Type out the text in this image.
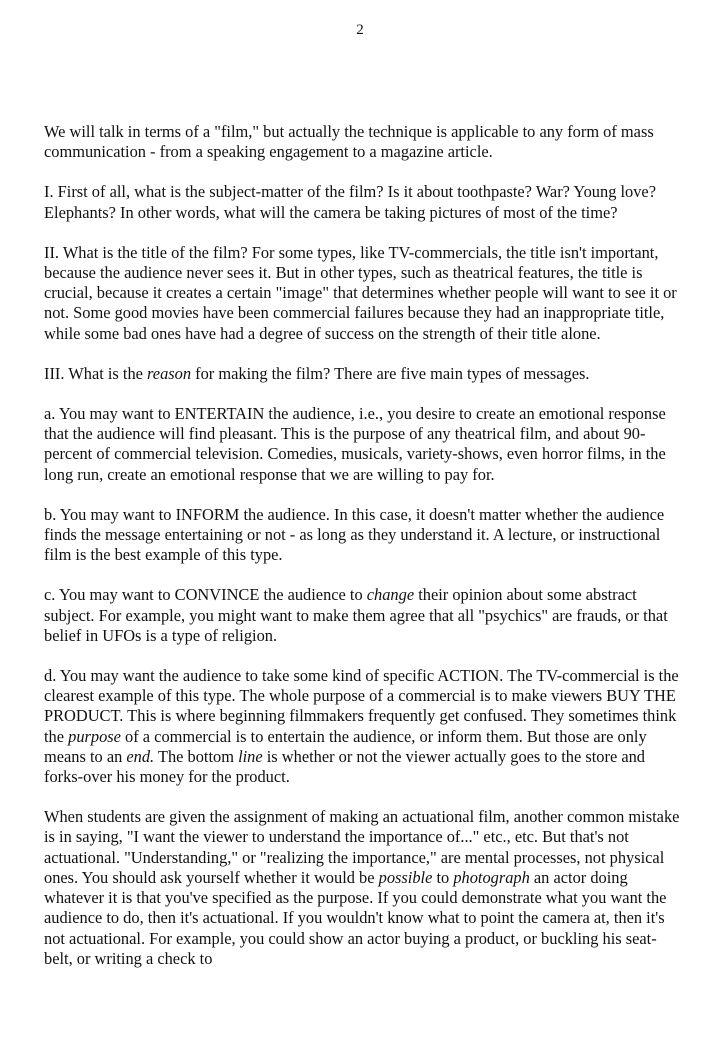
2

We will talk in terms of a "film," but actually the technique is applicable to any form of mass communication - from a speaking engagement to a magazine article.

I. First of all, what is the subject-matter of the film? Is it about toothpaste? War? Young love? Elephants? In other words, what will the camera be taking pictures of most of the time?

II. What is the title of the film? For some types, like TV-commercials, the title isn't important, because the audience never sees it. But in other types, such as theatrical features, the title is crucial, because it creates a certain "image" that determines whether people will want to see it or not. Some good movies have been commercial failures because they had an inappropriate title, while some bad ones have had a degree of success on the strength of their title alone.

III. What is the reason for making the film? There are five main types of messages.

a. You may want to ENTERTAIN the audience, i.e., you desire to create an emotional response that the audience will find pleasant. This is the purpose of any theatrical film, and about 90-percent of commercial television. Comedies, musicals, variety-shows, even horror films, in the long run, create an emotional response that we are willing to pay for.

b. You may want to INFORM the audience. In this case, it doesn't matter whether the audience finds the message entertaining or not - as long as they understand it. A lecture, or instructional film is the best example of this type.

c. You may want to CONVINCE the audience to change their opinion about some abstract subject. For example, you might want to make them agree that all "psychics" are frauds, or that belief in UFOs is a type of religion.

d. You may want the audience to take some kind of specific ACTION. The TV-commercial is the clearest example of this type. The whole purpose of a commercial is to make viewers BUY THE PRODUCT. This is where beginning filmmakers frequently get confused. They sometimes think the purpose of a commercial is to entertain the audience, or inform them. But those are only means to an end. The bottom line is whether or not the viewer actually goes to the store and forks-over his money for the product.

When students are given the assignment of making an actuational film, another common mistake is in saying, "I want the viewer to understand the importance of..." etc., etc. But that's not actuational. "Understanding," or "realizing the importance," are mental processes, not physical ones. You should ask yourself whether it would be possible to photograph an actor doing whatever it is that you've specified as the purpose. If you could demonstrate what you want the audience to do, then it's actuational. If you wouldn't know what to point the camera at, then it's not actuational. For example, you could show an actor buying a product, or buckling his seat-belt, or writing a check to
